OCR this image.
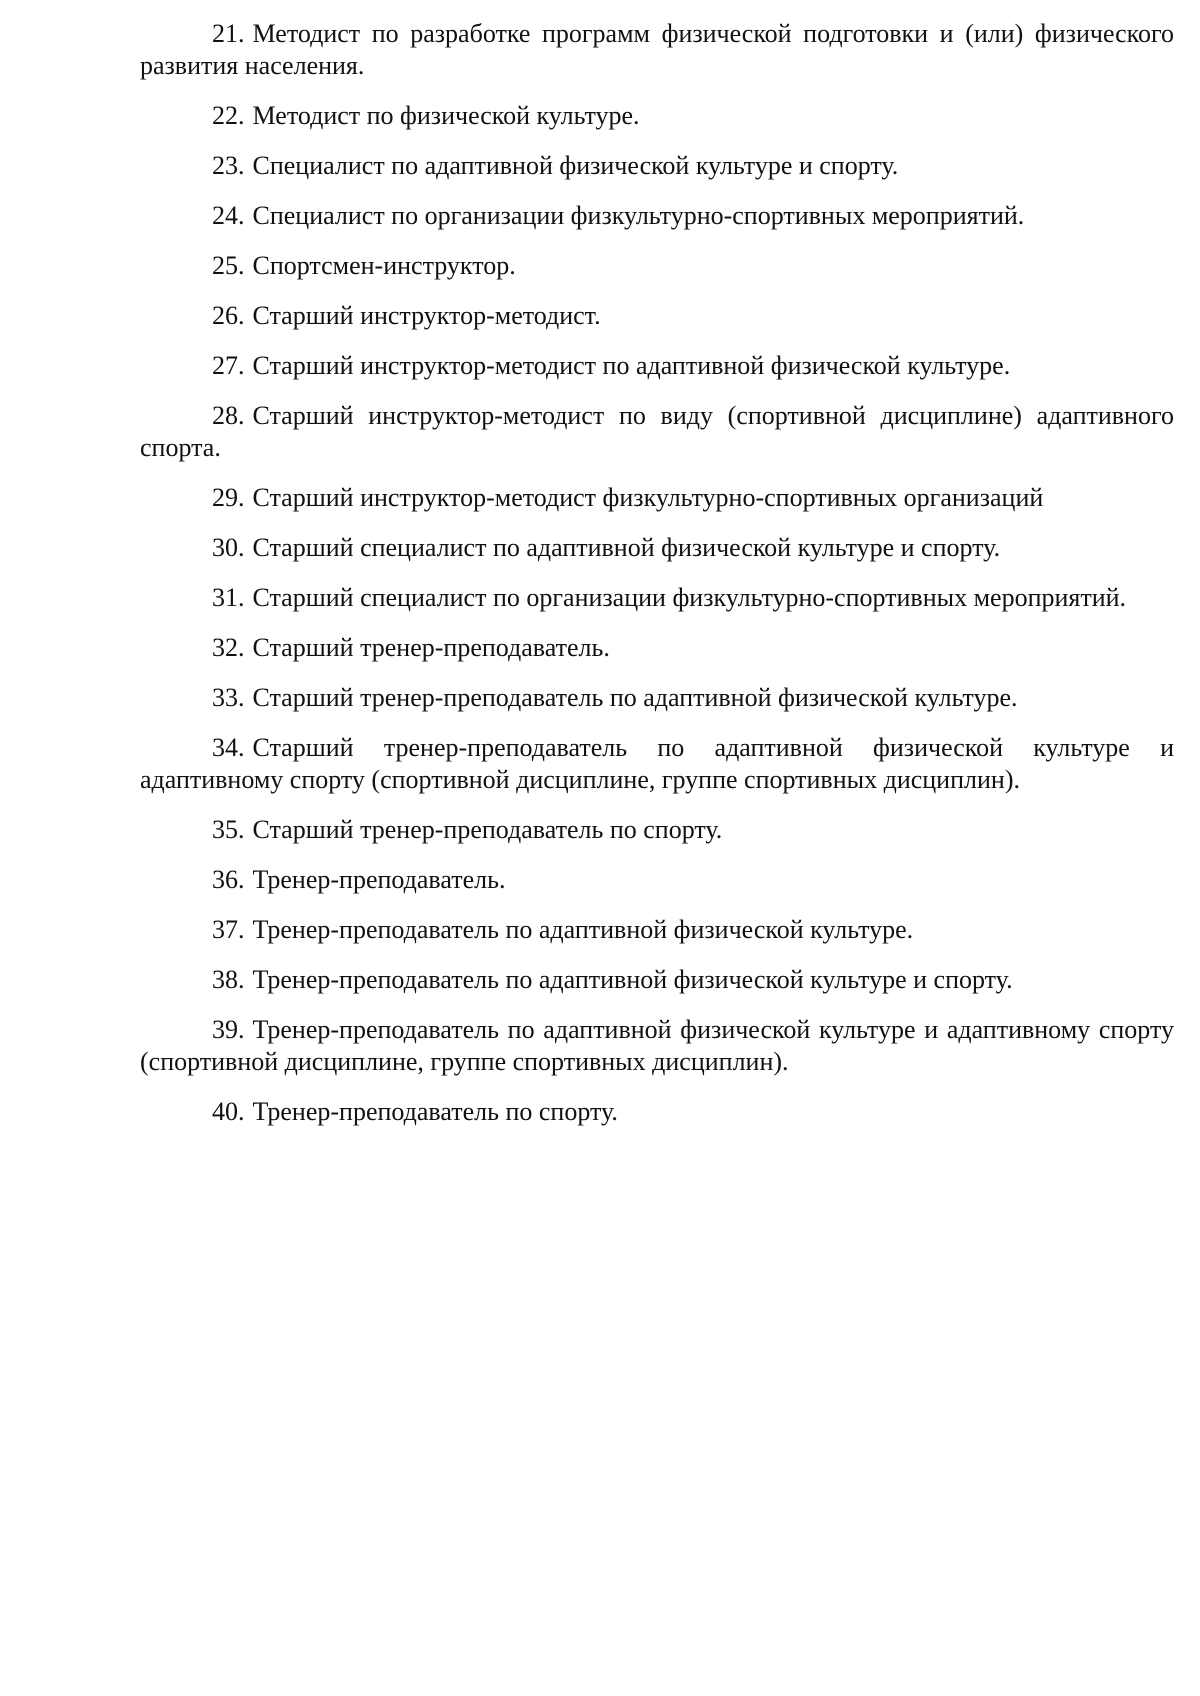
21. Методист по разработке программ физической подготовки и (или) физического развития населения.

22. Методист по физической культуре.

23. Специалист по адаптивной физической культуре и спорту.

24. Специалист по организации физкультурно-спортивных мероприятий.

25. Спортсмен-инструктор.

26. Старший инструктор-методист.

27. Старший инструктор-методист по адаптивной физической культуре.

28. Старший инструктор-методист по виду (спортивной дисциплине) адаптивного спорта.

29. Старший инструктор-методист физкультурно-спортивных организаций

30. Старший специалист по адаптивной физической культуре и спорту.

31. Старший специалист по организации физкультурно-спортивных мероприятий.

32. Старший тренер-преподаватель.

33. Старший тренер-преподаватель по адаптивной физической культуре.

34. Старший тренер-преподаватель по адаптивной физической культуре и адаптивному спорту (спортивной дисциплине, группе спортивных дисциплин).

35. Старший тренер-преподаватель по спорту.

36. Тренер-преподаватель.

37. Тренер-преподаватель по адаптивной физической культуре.

38. Тренер-преподаватель по адаптивной физической культуре и спорту.

39. Тренер-преподаватель по адаптивной физической культуре и адаптивному спорту (спортивной дисциплине, группе спортивных дисциплин).

40. Тренер-преподаватель по спорту.
